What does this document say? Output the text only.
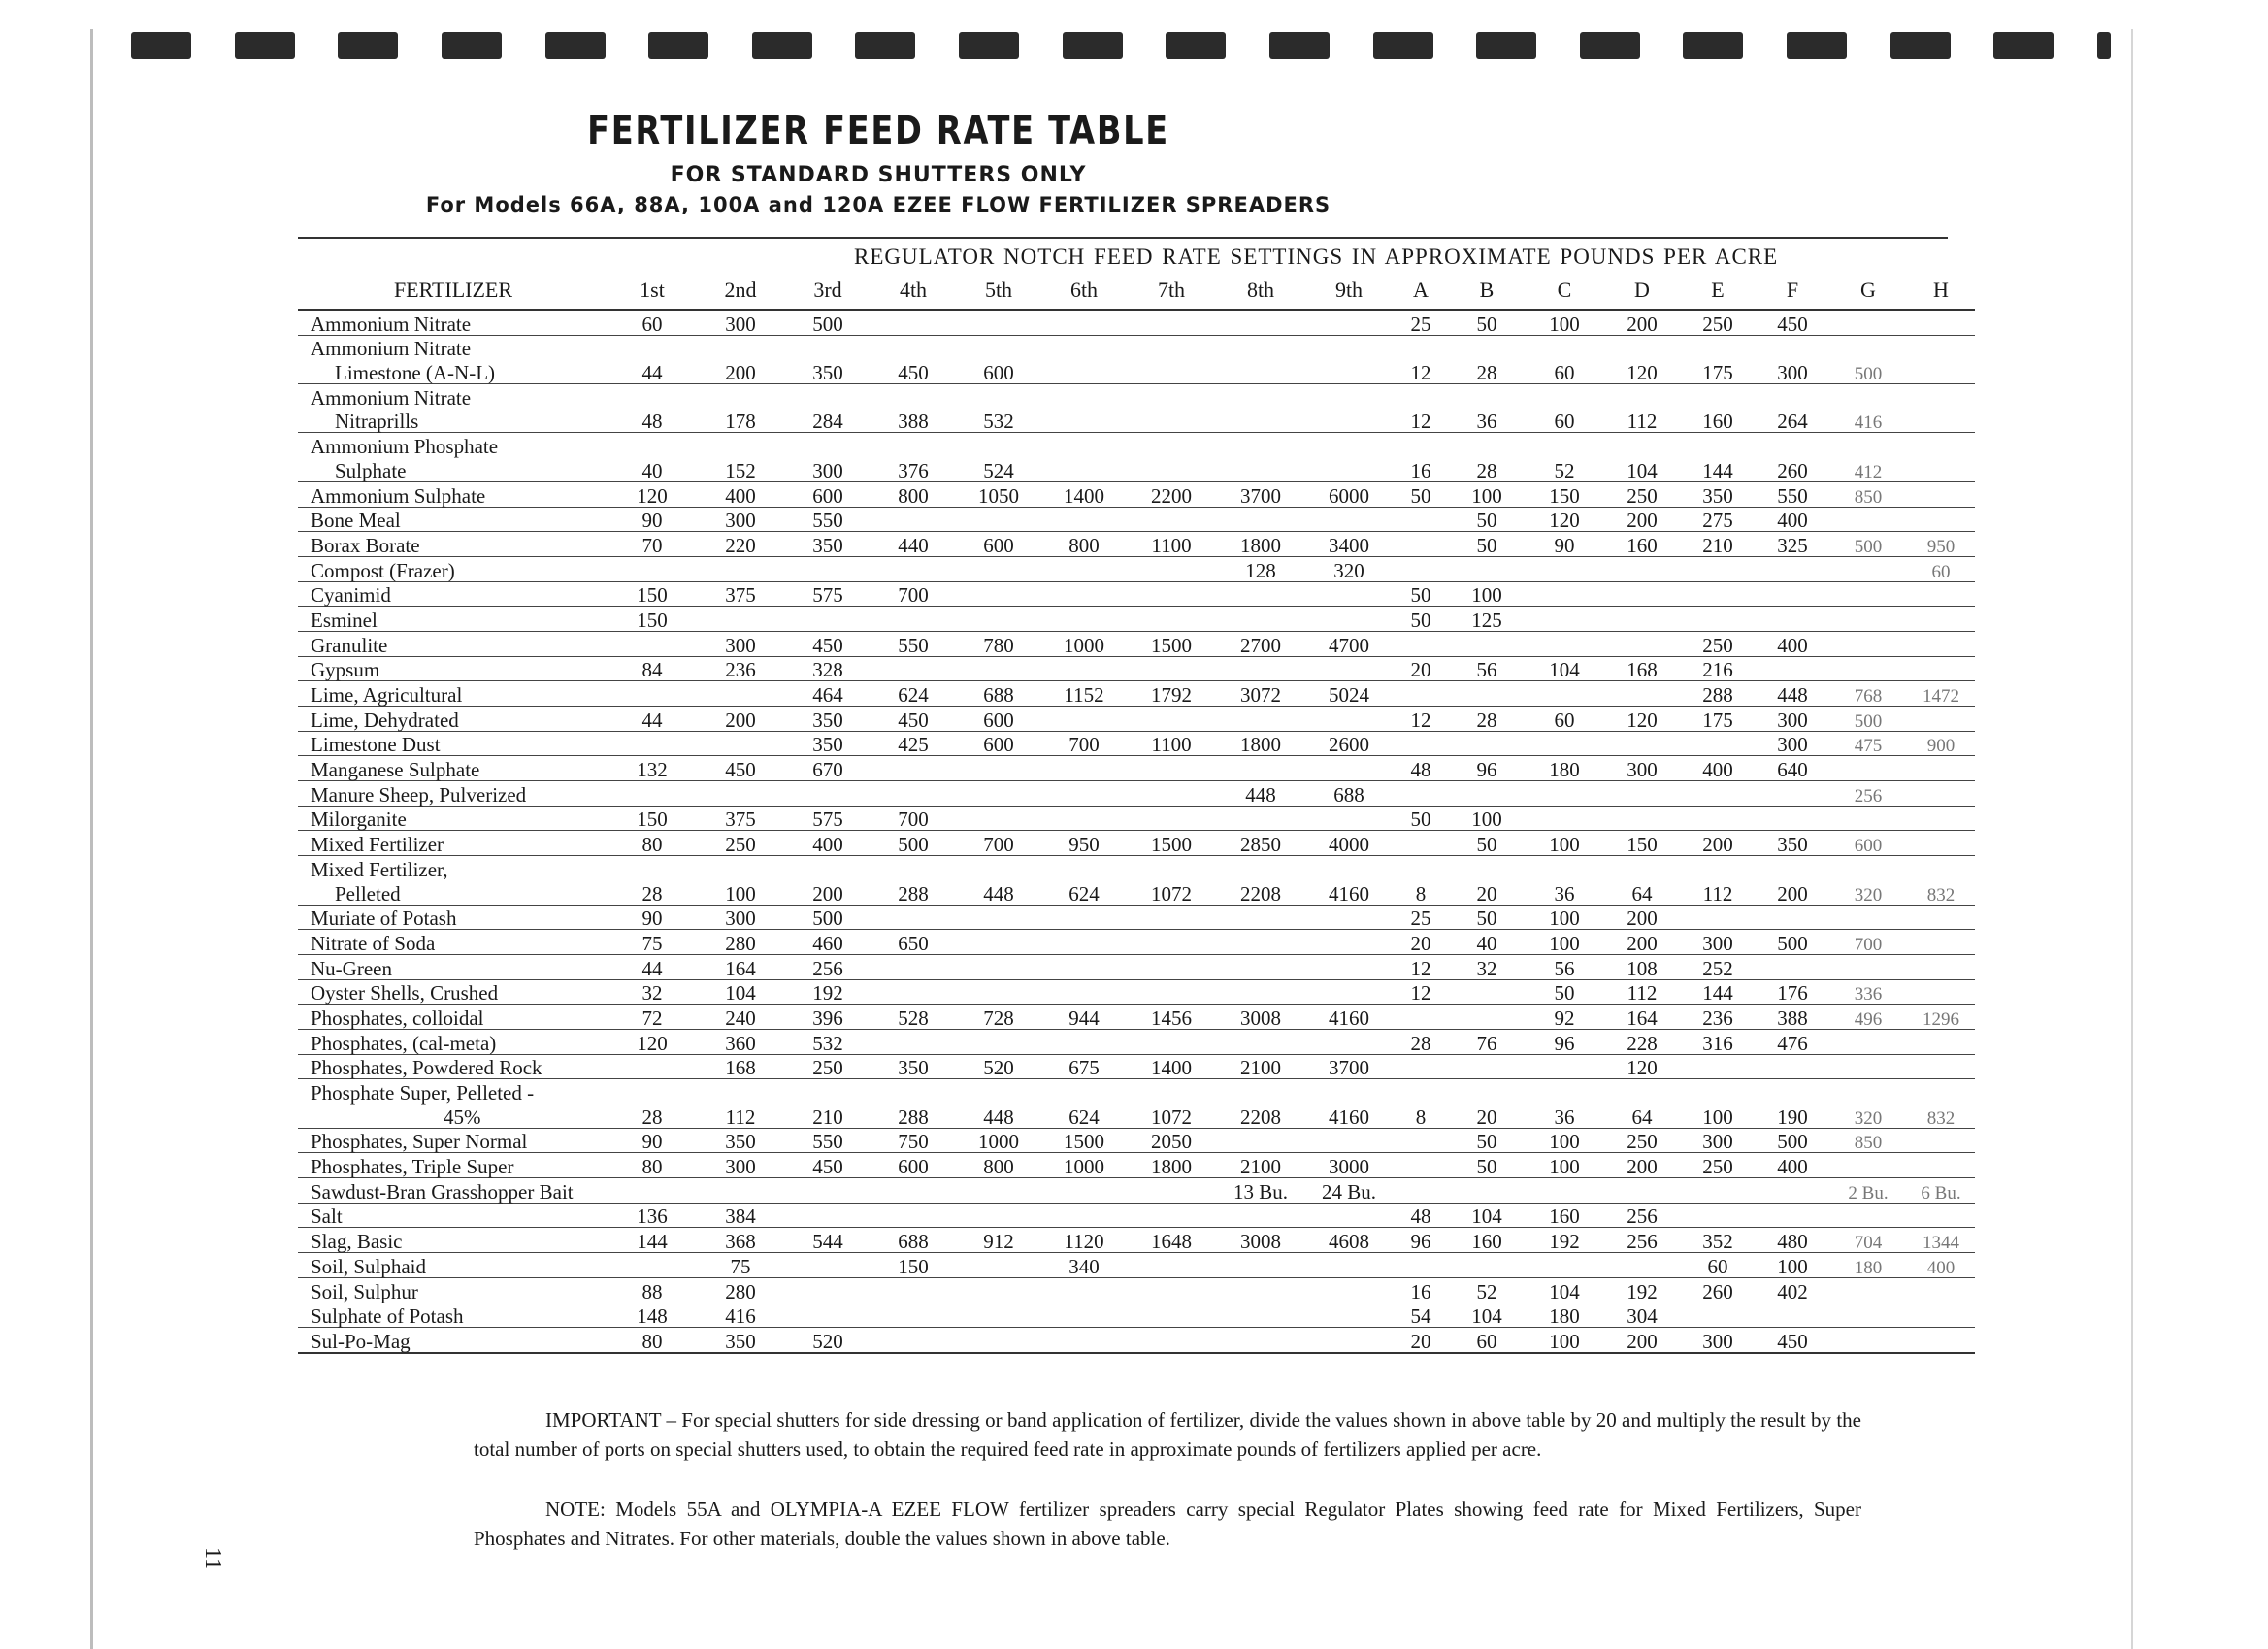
FERTILIZER FEED RATE TABLE
FOR STANDARD SHUTTERS ONLY
For Models 66A, 88A, 100A and 120A EZEE FLOW FERTILIZER SPREADERS
REGULATOR NOTCH FEED RATE SETTINGS IN APPROXIMATE POUNDS PER ACRE
FERTILIZER	1st	2nd	3rd	4th	5th	6th	7th	8th	9th	A	B	C	D	E	F	G	H
Ammonium Nitrate	60	300	500							25	50	100	200	250	450		
Ammonium Nitrate																	
Limestone (A-N-L)	44	200	350	450	600					12	28	60	120	175	300	500	
Ammonium Nitrate																	
Nitraprills	48	178	284	388	532					12	36	60	112	160	264	416	
Ammonium Phosphate																	
Sulphate	40	152	300	376	524					16	28	52	104	144	260	412	
Ammonium Sulphate	120	400	600	800	1050	1400	2200	3700	6000	50	100	150	250	350	550	850	
Bone Meal	90	300	550								50	120	200	275	400		
Borax Borate	70	220	350	440	600	800	1100	1800	3400		50	90	160	210	325	500	950
Compost (Frazer)								128	320								60
Cyanimid	150	375	575	700						50	100						
Esminel	150									50	125						
Granulite		300	450	550	780	1000	1500	2700	4700					250	400		
Gypsum	84	236	328							20	56	104	168	216			
Lime, Agricultural			464	624	688	1152	1792	3072	5024					288	448	768	1472
Lime, Dehydrated	44	200	350	450	600					12	28	60	120	175	300	500	
Limestone Dust			350	425	600	700	1100	1800	2600						300	475	900
Manganese Sulphate	132	450	670							48	96	180	300	400	640		
Manure Sheep, Pulverized								448	688							256	
Milorganite	150	375	575	700						50	100						
Mixed Fertilizer	80	250	400	500	700	950	1500	2850	4000		50	100	150	200	350	600	
Mixed Fertilizer,																	
Pelleted	28	100	200	288	448	624	1072	2208	4160	8	20	36	64	112	200	320	832
Muriate of Potash	90	300	500							25	50	100	200				
Nitrate of Soda	75	280	460	650						20	40	100	200	300	500	700	
Nu-Green	44	164	256							12	32	56	108	252			
Oyster Shells, Crushed	32	104	192							12		50	112	144	176	336	
Phosphates, colloidal	72	240	396	528	728	944	1456	3008	4160			92	164	236	388	496	1296
Phosphates, (cal-meta)	120	360	532							28	76	96	228	316	476		
Phosphates, Powdered Rock		168	250	350	520	675	1400	2100	3700				120				
Phosphate Super, Pelleted -																	
45%	28	112	210	288	448	624	1072	2208	4160	8	20	36	64	100	190	320	832
Phosphates, Super Normal	90	350	550	750	1000	1500	2050				50	100	250	300	500	850	
Phosphates, Triple Super	80	300	450	600	800	1000	1800	2100	3000		50	100	200	250	400		
Sawdust-Bran Grasshopper Bait								13 Bu.	24 Bu.							2 Bu.	6 Bu.
Salt	136	384								48	104	160	256				
Slag, Basic	144	368	544	688	912	1120	1648	3008	4608	96	160	192	256	352	480	704	1344
Soil, Sulphaid		75		150		340								60	100	180	400
Soil, Sulphur	88	280								16	52	104	192	260	402		
Sulphate of Potash	148	416								54	104	180	304				
Sul-Po-Mag	80	350	520							20	60	100	200	300	450		
IMPORTANT – For special shutters for side dressing or band application of fertilizer, divide the values shown in above table by 20 and multiply the result by the total number of ports on special shutters used, to obtain the required feed rate in approximate pounds of fertilizers applied per acre.
NOTE: Models 55A and OLYMPIA-A EZEE FLOW fertilizer spreaders carry special Regulator Plates showing feed rate for Mixed Fertilizers, Super Phosphates and Nitrates. For other materials, double the values shown in above table.
11
